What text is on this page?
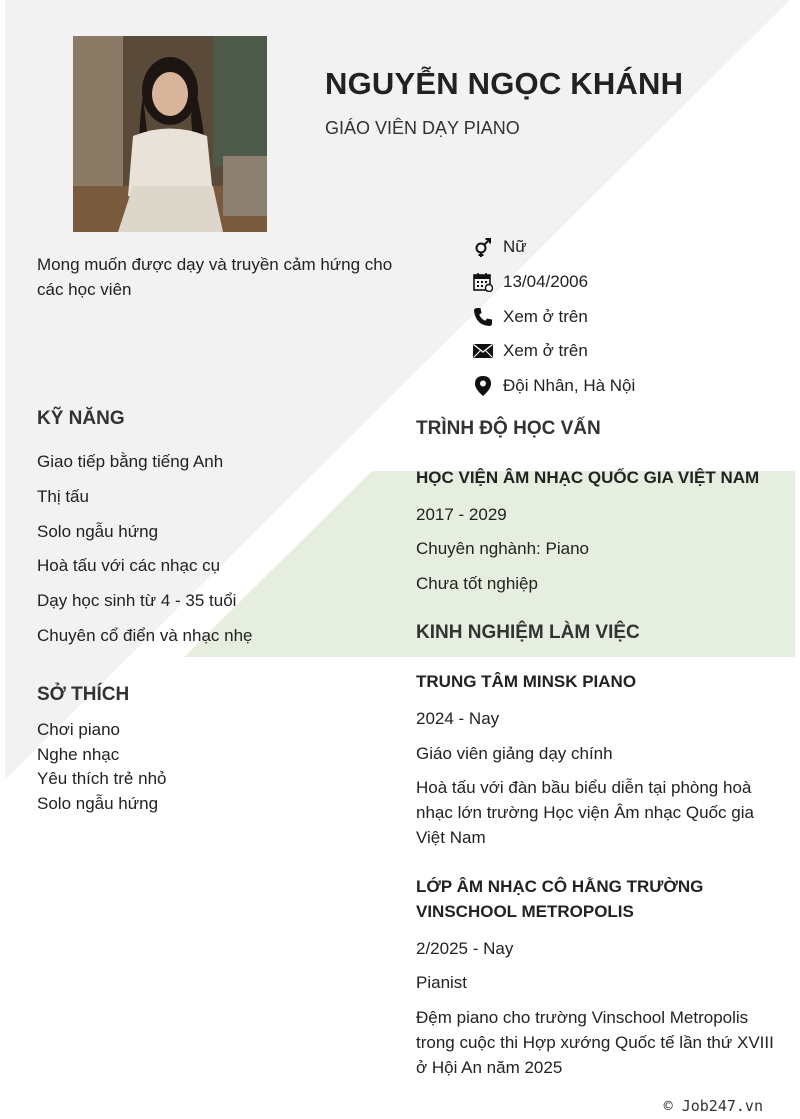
NGUYỄN NGỌC KHÁNH
GIÁO VIÊN DẠY PIANO
Mong muốn được dạy và truyền cảm hứng cho các học viên
Nữ
13/04/2006
Xem ở trên
Xem ở trên
Đội Nhân, Hà Nội
KỸ NĂNG
Giao tiếp bằng tiếng Anh
Thị tấu
Solo ngẫu hứng
Hoà tấu với các nhạc cụ
Dạy học sinh từ 4 - 35 tuổi
Chuyên cổ điển và nhạc nhẹ
SỞ THÍCH
Chơi piano
Nghe nhạc
Yêu thích trẻ nhỏ
Solo ngẫu hứng
TRÌNH ĐỘ HỌC VẤN
HỌC VIỆN ÂM NHẠC QUỐC GIA VIỆT NAM
2017 - 2029
Chuyên nghành: Piano
Chưa tốt nghiệp
KINH NGHIỆM LÀM VIỆC
TRUNG TÂM MINSK PIANO
2024 - Nay
Giáo viên giảng dạy chính
Hoà tấu với đàn bầu biểu diễn tại phòng hoà nhạc lớn trường Học viện Âm nhạc Quốc gia Việt Nam
LỚP ÂM NHẠC CÔ HẰNG TRƯỜNG VINSCHOOL METROPOLIS
2/2025 - Nay
Pianist
Đệm piano cho trường Vinschool Metropolis trong cuộc thi Hợp xướng Quốc tế lần thứ XVIII ở Hội An năm 2025
© Job247.vn
